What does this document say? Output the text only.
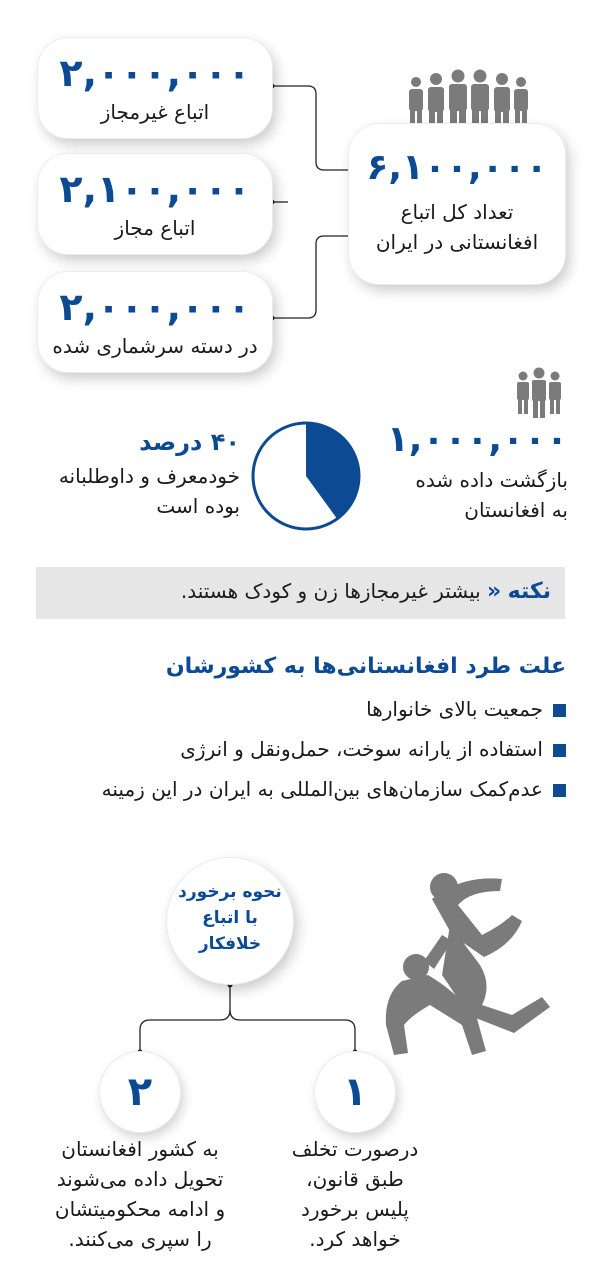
۲,۰۰۰,۰۰۰
اتباع غیرمجاز
۲,۱۰۰,۰۰۰
اتباع مجاز
۲,۰۰۰,۰۰۰
در دسته سرشماری شده
۶,۱۰۰,۰۰۰
تعداد کل اتباع
افغانستانی در ایران
۱,۰۰۰,۰۰۰
بازگشت داده شده
به افغانستان
۴۰ درصد
خودمعرف و داوطلبانه
بوده است
نکته « بیشتر غیرمجازها زن و کودک هستند.
علت طرد افغانستانی‌ها به کشورشان
جمعیت بالای خانوارها
استفاده از یارانه سوخت، حمل‌ونقل و انرژی
عدم‌کمک سازمان‌های بین‌المللی به ایران در این زمینه
نحوه برخورد
با اتباع
خلافکار
۲	۱
به کشور افغانستان
تحویل داده می‌شوند
و ادامه محکومیتشان
را سپری می‌کنند.
درصورت تخلف
طبق قانون،
پلیس برخورد
خواهد کرد.
